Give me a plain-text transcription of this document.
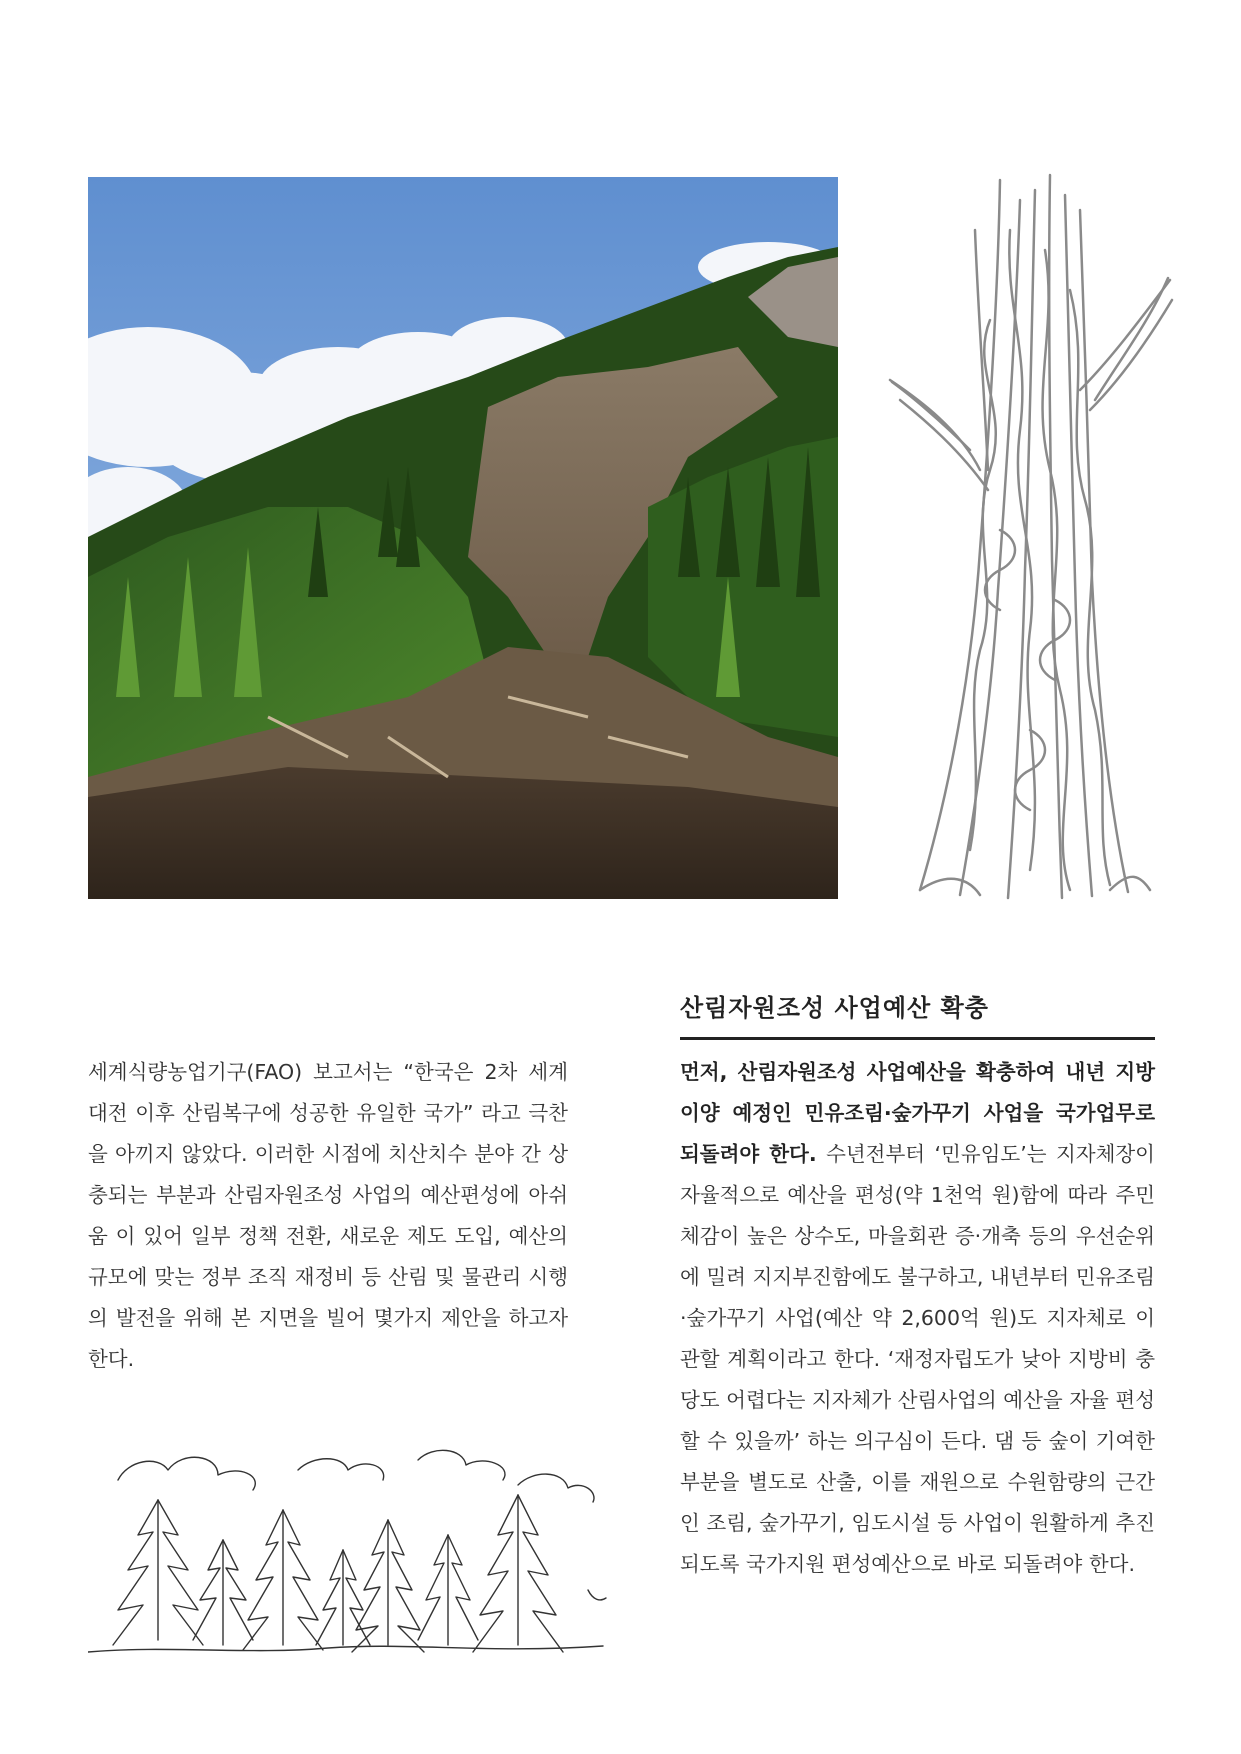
세계식량농업기구(FAO) 보고서는 “한국은 2차 세계대전 이후 산림복구에 성공한 유일한 국가” 라고 극찬을 아끼지 않았다. 이러한 시점에 치산치수 분야 간 상충되는 부분과 산림자원조성 사업의 예산편성에 아쉬움 이 있어 일부 정책 전환, 새로운 제도 도입, 예산의 규모에 맞는 정부 조직 재정비 등 산림 및 물관리 시행의 발전을 위해 본 지면을 빌어 몇가지 제안을 하고자 한다.
산림자원조성 사업예산 확충
먼저, 산림자원조성 사업예산을 확충하여 내년 지방 이양 예정인 민유조림·숲가꾸기 사업을 국가업무로 되돌려야 한다. 수년전부터 ‘민유임도’는 지자체장이 자율적으로 예산을 편성(약 1천억 원)함에 따라 주민 체감이 높은 상수도, 마을회관 증·개축 등의 우선순위에 밀려 지지부진함에도 불구하고, 내년부터 민유조림·숲가꾸기 사업(예산 약 2,600억 원)도 지자체로 이관할 계획이라고 한다. ‘재정자립도가 낮아 지방비 충당도 어렵다는 지자체가 산림사업의 예산을 자율 편성할 수 있을까’ 하는 의구심이 든다. 댐 등 숲이 기여한 부분을 별도로 산출, 이를 재원으로 수원함량의 근간인 조림, 숲가꾸기, 임도시설 등 사업이 원활하게 추진되도록 국가지원 편성예산으로 바로 되돌려야 한다.
